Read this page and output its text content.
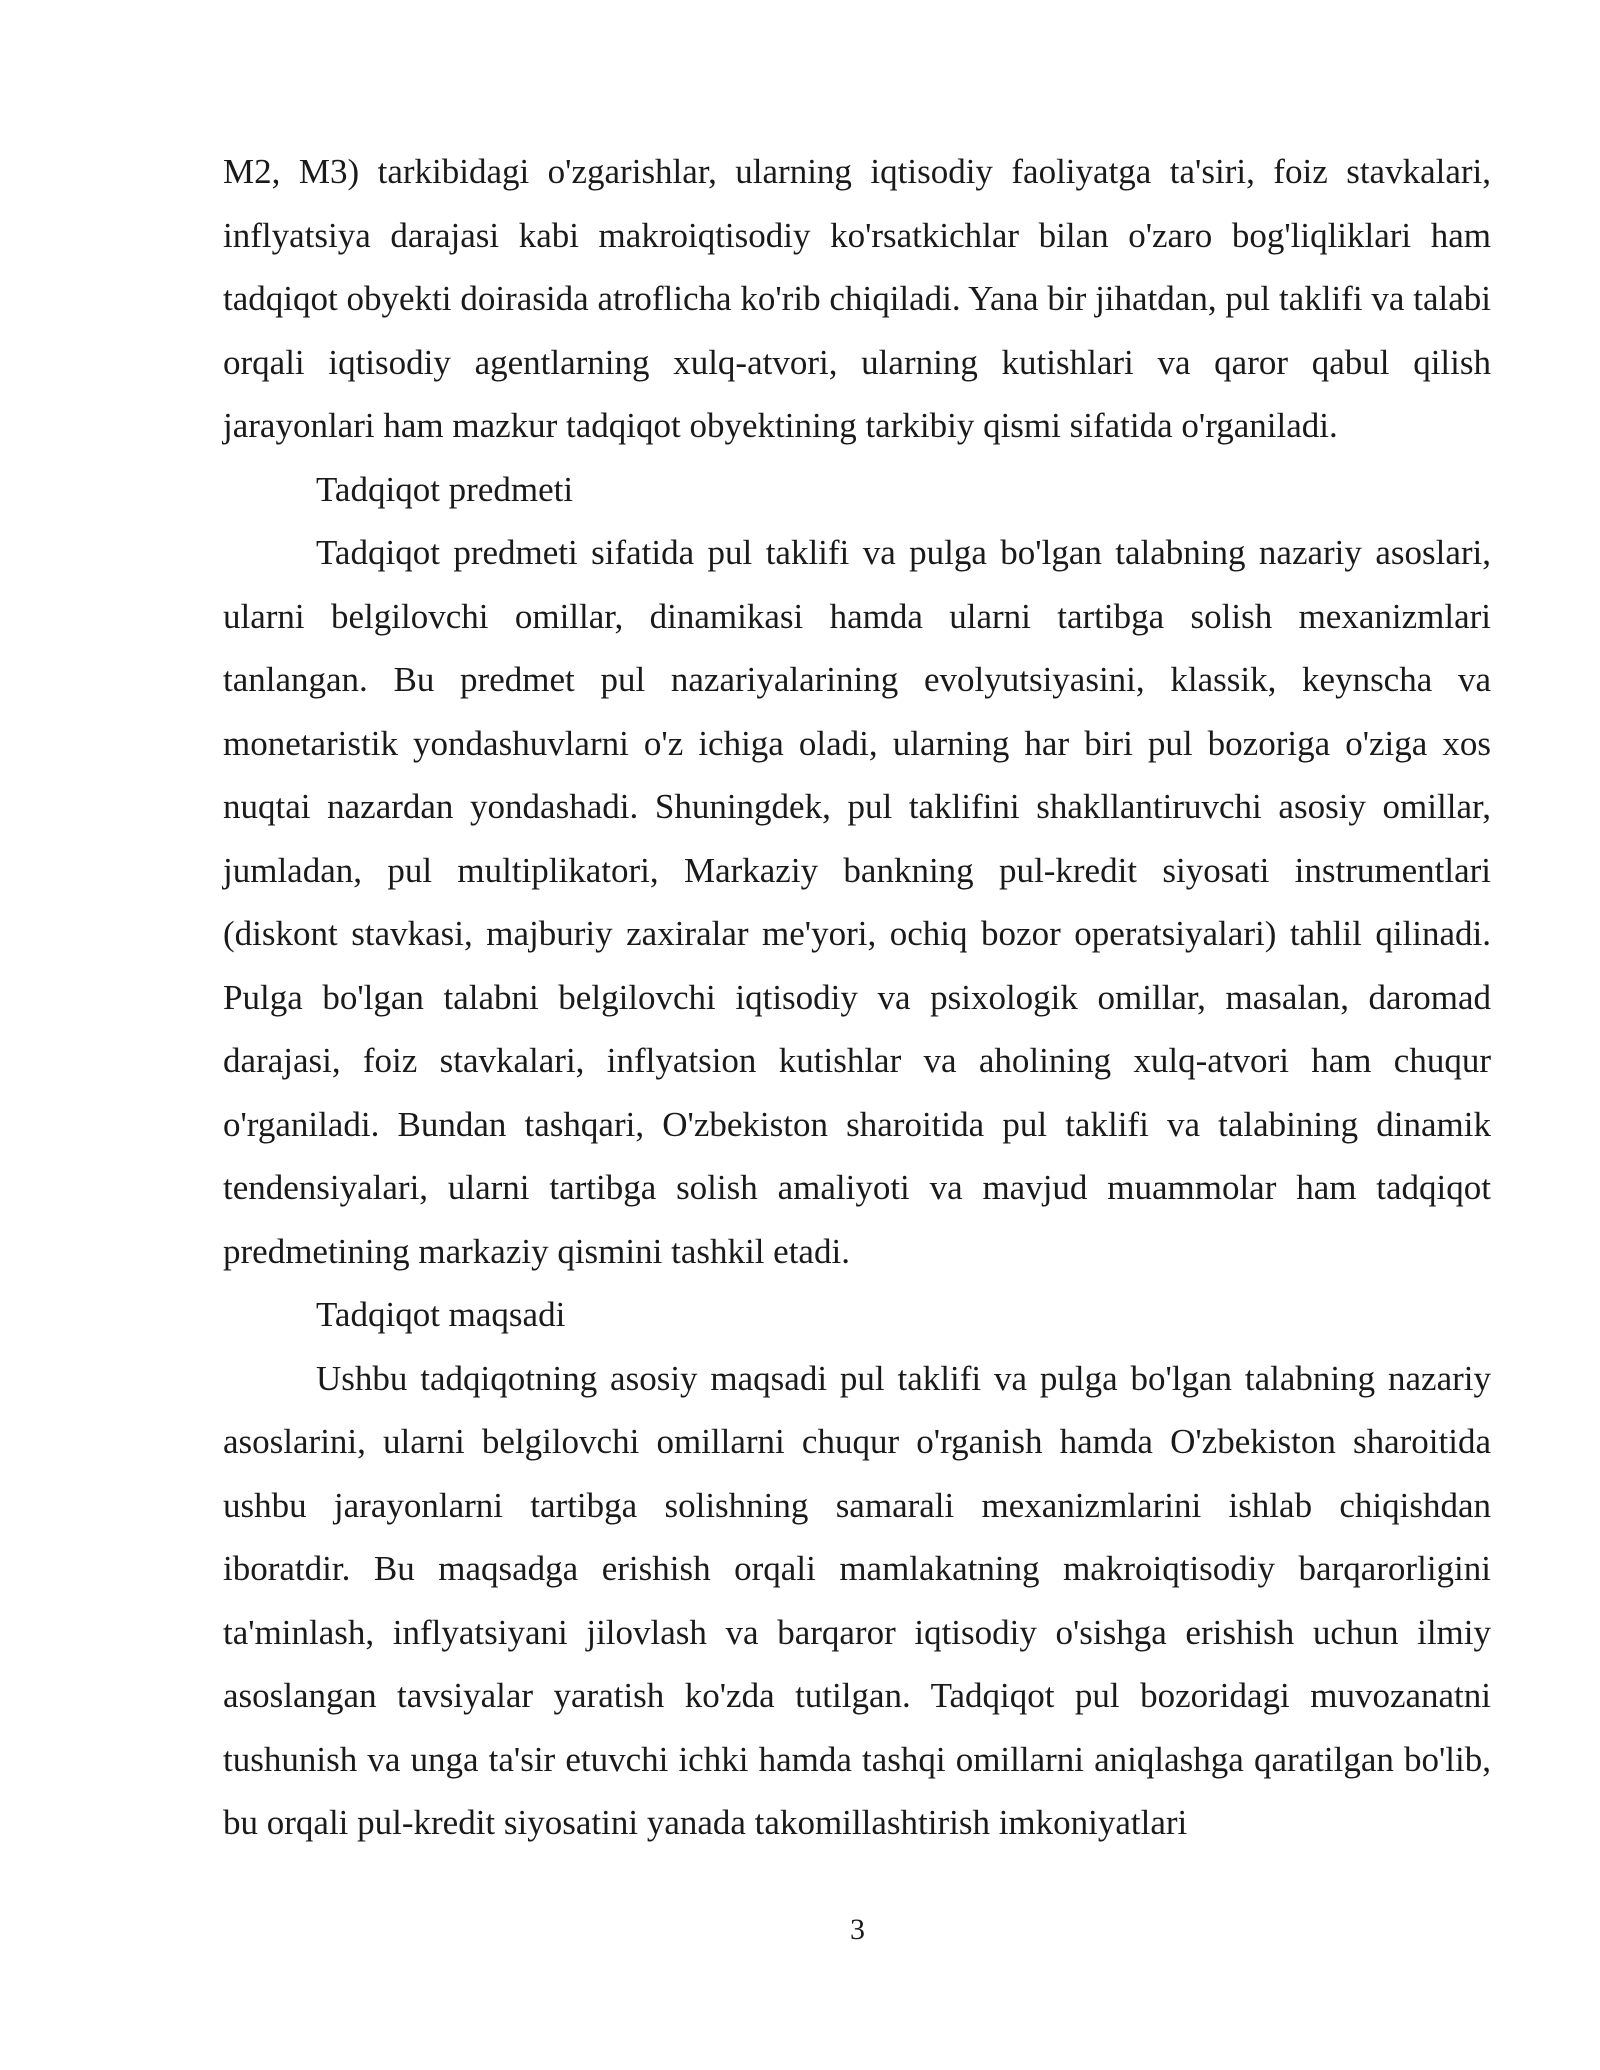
M2, M3) tarkibidagi o'zgarishlar, ularning iqtisodiy faoliyatga ta'siri, foiz stavkalari, inflyatsiya darajasi kabi makroiqtisodiy ko'rsatkichlar bilan o'zaro bog'liqliklari ham tadqiqot obyekti doirasida atroflicha ko'rib chiqiladi. Yana bir jihatdan, pul taklifi va talabi orqali iqtisodiy agentlarning xulq-atvori, ularning kutishlari va qaror qabul qilish jarayonlari ham mazkur tadqiqot obyektining tarkibiy qismi sifatida o'rganiladi.

Tadqiqot predmeti

Tadqiqot predmeti sifatida pul taklifi va pulga bo'lgan talabning nazariy asoslari, ularni belgilovchi omillar, dinamikasi hamda ularni tartibga solish mexanizmlari tanlangan. Bu predmet pul nazariyalarining evolyutsiyasini, klassik, keynscha va monetaristik yondashuvlarni o'z ichiga oladi, ularning har biri pul bozoriga o'ziga xos nuqtai nazardan yondashadi. Shuningdek, pul taklifini shakllantiruvchi asosiy omillar, jumladan, pul multiplikatori, Markaziy bankning pul-kredit siyosati instrumentlari (diskont stavkasi, majburiy zaxiralar me'yori, ochiq bozor operatsiyalari) tahlil qilinadi. Pulga bo'lgan talabni belgilovchi iqtisodiy va psixologik omillar, masalan, daromad darajasi, foiz stavkalari, inflyatsion kutishlar va aholining xulq-atvori ham chuqur o'rganiladi. Bundan tashqari, O'zbekiston sharoitida pul taklifi va talabining dinamik tendensiyalari, ularni tartibga solish amaliyoti va mavjud muammolar ham tadqiqot predmetining markaziy qismini tashkil etadi.

Tadqiqot maqsadi

Ushbu tadqiqotning asosiy maqsadi pul taklifi va pulga bo'lgan talabning nazariy asoslarini, ularni belgilovchi omillarni chuqur o'rganish hamda O'zbekiston sharoitida ushbu jarayonlarni tartibga solishning samarali mexanizmlarini ishlab chiqishdan iboratdir. Bu maqsadga erishish orqali mamlakatning makroiqtisodiy barqarorligini ta'minlash, inflyatsiyani jilovlash va barqaror iqtisodiy o'sishga erishish uchun ilmiy asoslangan tavsiyalar yaratish ko'zda tutilgan. Tadqiqot pul bozoridagi muvozanatni tushunish va unga ta'sir etuvchi ichki hamda tashqi omillarni aniqlashga qaratilgan bo'lib, bu orqali pul-kredit siyosatini yanada takomillashtirish imkoniyatlari

3
